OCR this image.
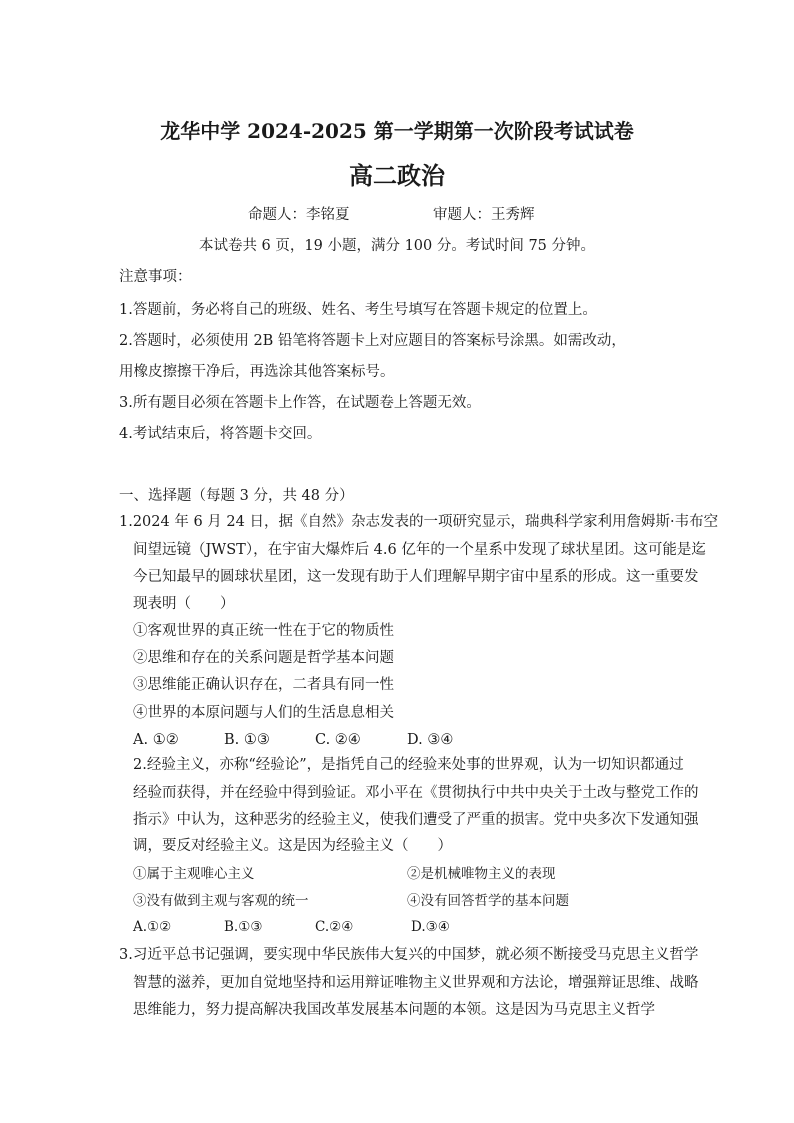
龙华中学 2024-2025 第一学期第一次阶段考试试卷
高二政治
命题人：李铭夏	审题人：王秀辉
本试卷共 6 页，19 小题，满分 100 分。考试时间 75 分钟。
注意事项：
1.答题前，务必将自己的班级、姓名、考生号填写在答题卡规定的位置上。
2.答题时，必须使用 2B 铅笔将答题卡上对应题目的答案标号涂黑。如需改动，
用橡皮擦擦干净后，再选涂其他答案标号。
3.所有题目必须在答题卡上作答，在试题卷上答题无效。
4.考试结束后，将答题卡交回。
一、选择题（每题 3 分，共 48 分）
1.2024 年 6 月 24 日，据《自然》杂志发表的一项研究显示，瑞典科学家利用詹姆斯·韦布空
间望远镜（JWST），在宇宙大爆炸后 4.6 亿年的一个星系中发现了球状星团。这可能是迄
今已知最早的圆球状星团，这一发现有助于人们理解早期宇宙中星系的形成。这一重要发
现表明（　　）
①客观世界的真正统一性在于它的物质性
②思维和存在的关系问题是哲学基本问题
③思维能正确认识存在，二者具有同一性
④世界的本原问题与人们的生活息息相关
A. ①②	B. ①③	C. ②④	D. ③④
2.经验主义，亦称“经验论”，是指凭自己的经验来处事的世界观，认为一切知识都通过
经验而获得，并在经验中得到验证。邓小平在《贯彻执行中共中央关于土改与整党工作的
指示》中认为，这种恶劣的经验主义，使我们遭受了严重的损害。党中央多次下发通知强
调，要反对经验主义。这是因为经验主义（　　）
①属于主观唯心主义	②是机械唯物主义的表现
③没有做到主观与客观的统一	④没有回答哲学的基本问题
A.①②	B.①③	C.②④	D.③④
3.习近平总书记强调，要实现中华民族伟大复兴的中国梦，就必须不断接受马克思主义哲学
智慧的滋养，更加自觉地坚持和运用辩证唯物主义世界观和方法论，增强辩证思维、战略
思维能力，努力提高解决我国改革发展基本问题的本领。这是因为马克思主义哲学
